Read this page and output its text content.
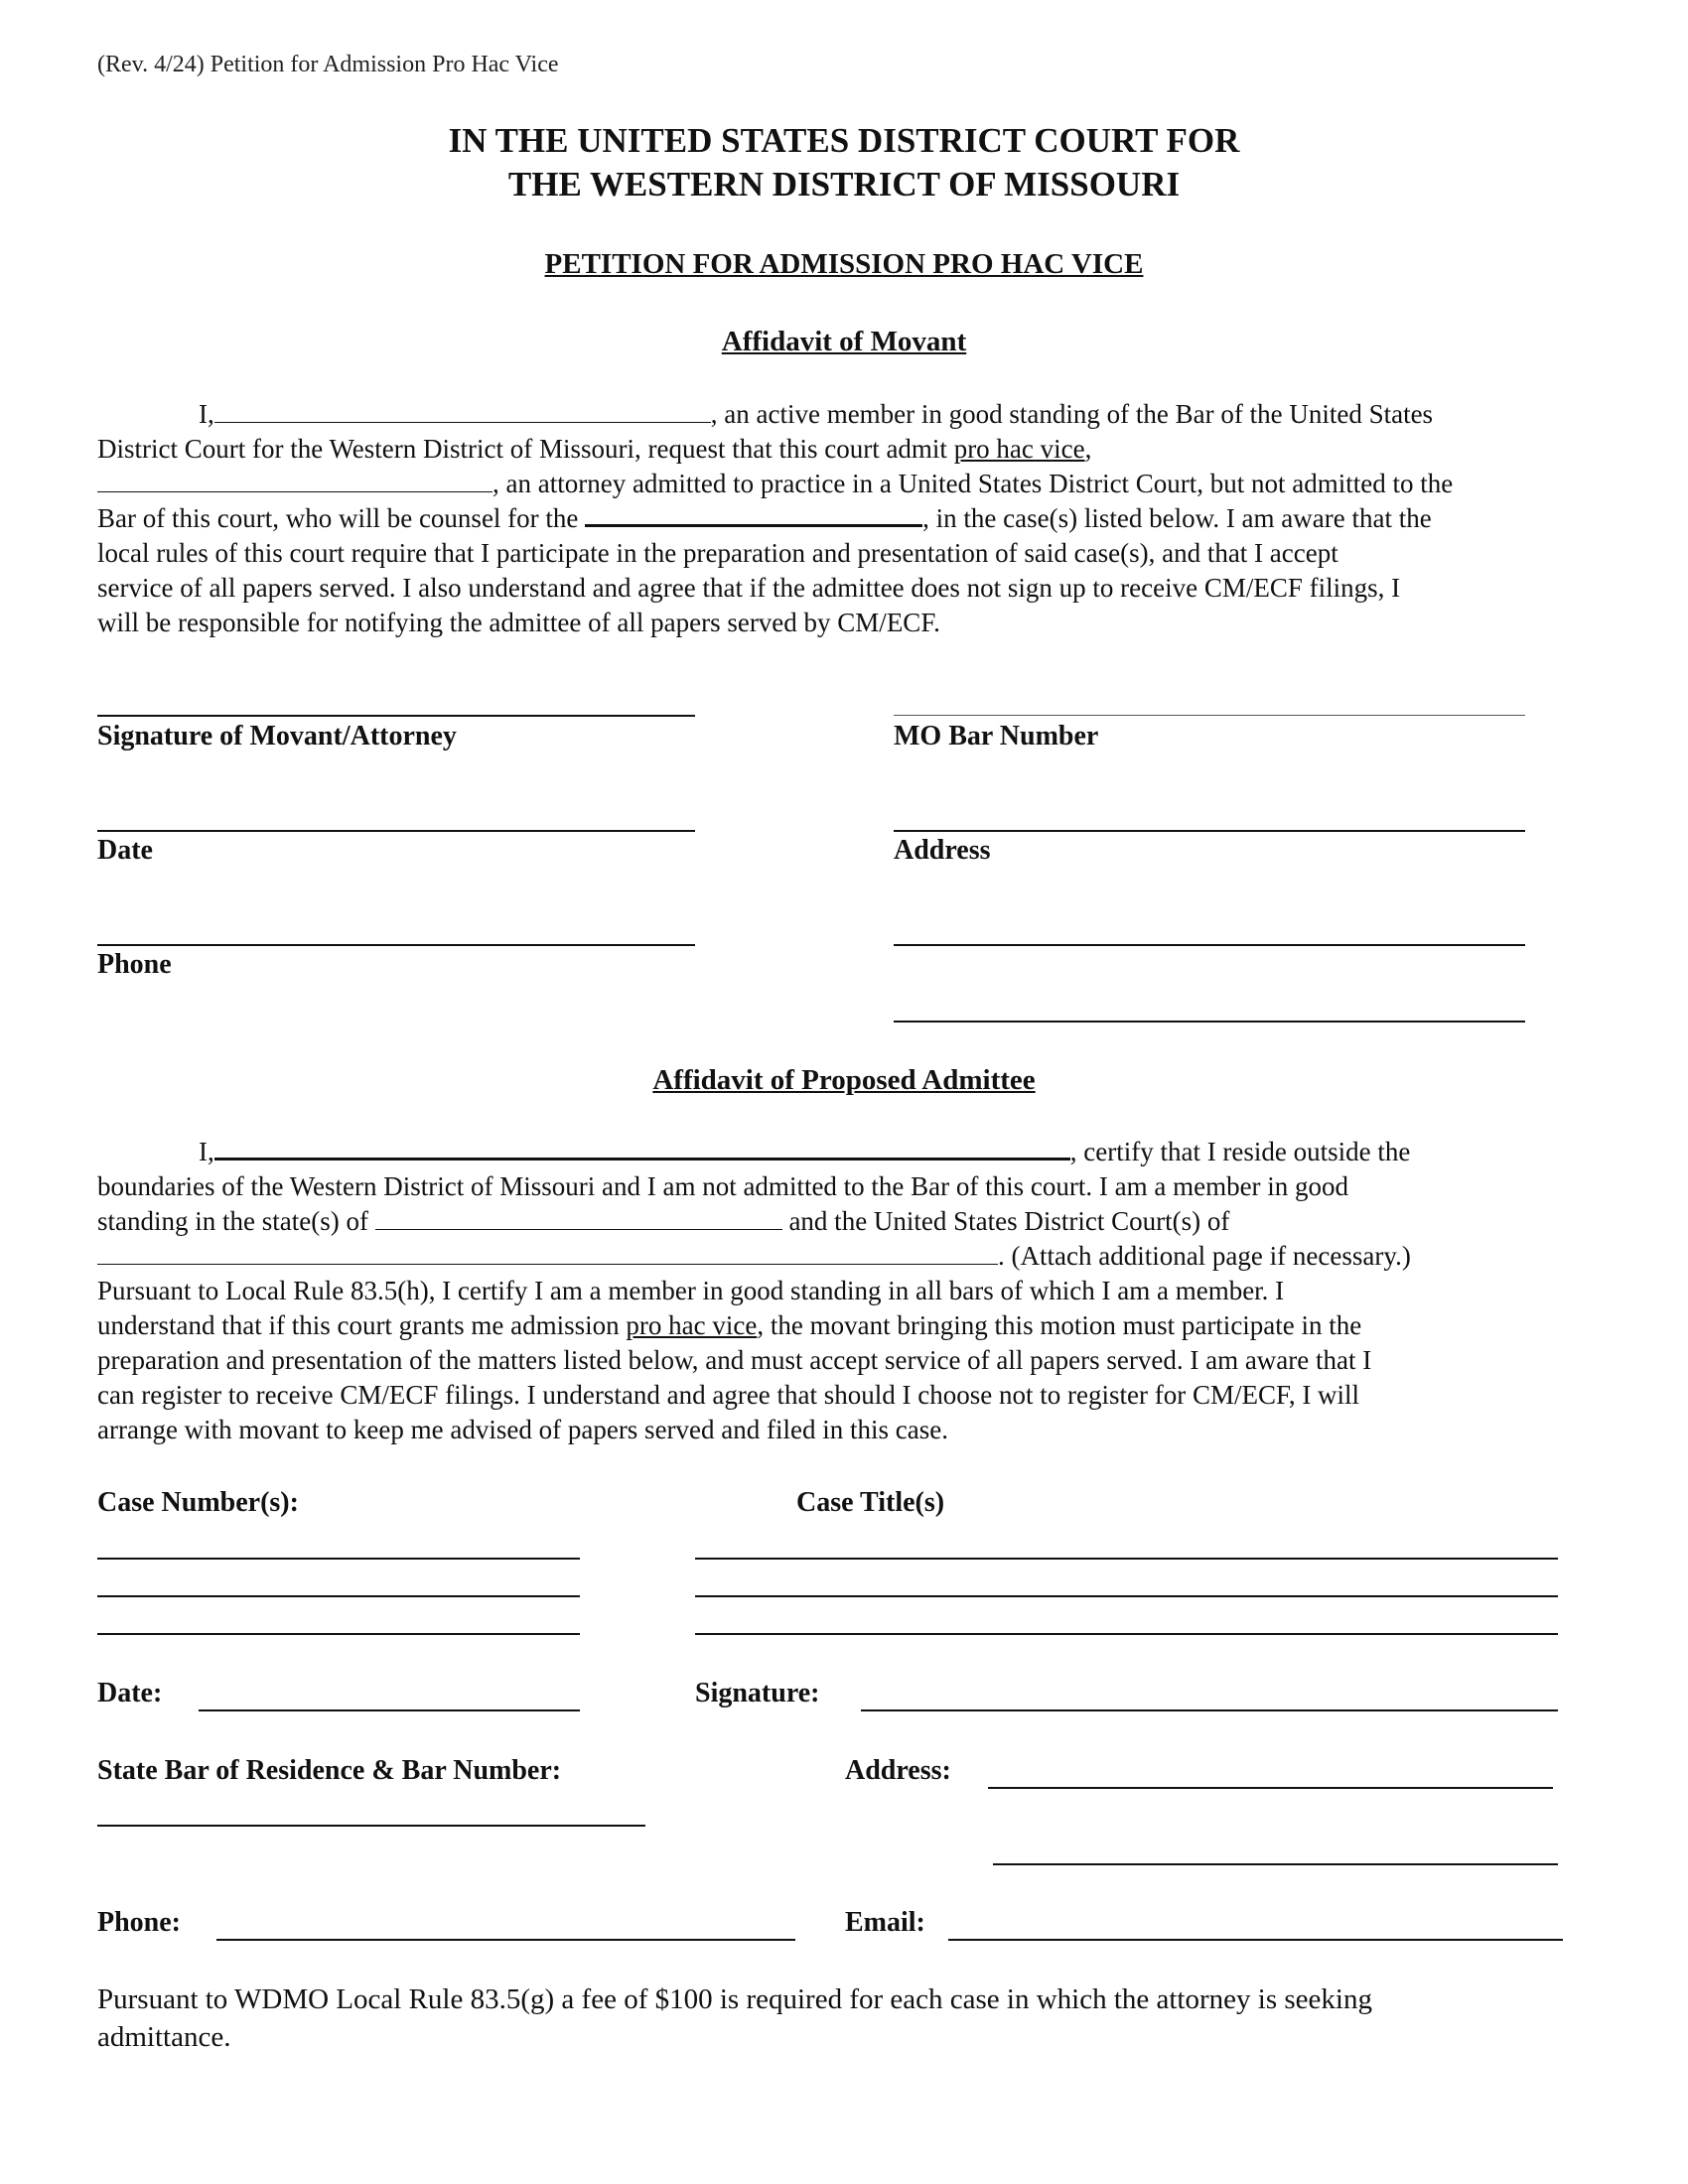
(Rev. 4/24) Petition for Admission Pro Hac Vice
IN THE UNITED STATES DISTRICT COURT FOR
THE WESTERN DISTRICT OF MISSOURI
PETITION FOR ADMISSION PRO HAC VICE
Affidavit of Movant
I,	, an active member in good standing of the Bar of the United States
District Court for the Western District of Missouri, request that this court admit pro hac vice,
, an attorney admitted to practice in a United States District Court, but not admitted to the
Bar of this court, who will be counsel for the	, in the case(s) listed below. I am aware that the
local rules of this court require that I participate in the preparation and presentation of said case(s), and that I accept
service of all papers served. I also understand and agree that if the admittee does not sign up to receive CM/ECF filings, I
will be responsible for notifying the admittee of all papers served by CM/ECF.
Signature of Movant/Attorney	MO Bar Number
Date	Address
Phone
Affidavit of Proposed Admittee
I,	, certify that I reside outside the
boundaries of the Western District of Missouri and I am not admitted to the Bar of this court. I am a member in good
standing in the state(s) of	and the United States District Court(s) of
. (Attach additional page if necessary.)
Pursuant to Local Rule 83.5(h), I certify I am a member in good standing in all bars of which I am a member. I
understand that if this court grants me admission pro hac vice, the movant bringing this motion must participate in the
preparation and presentation of the matters listed below, and must accept service of all papers served. I am aware that I
can register to receive CM/ECF filings. I understand and agree that should I choose not to register for CM/ECF, I will
arrange with movant to keep me advised of papers served and filed in this case.
Case Number(s):	Case Title(s)
Date:	Signature:
State Bar of Residence & Bar Number:	Address:
Phone:	Email:
Pursuant to WDMO Local Rule 83.5(g) a fee of $100 is required for each case in which the attorney is seeking
admittance.
